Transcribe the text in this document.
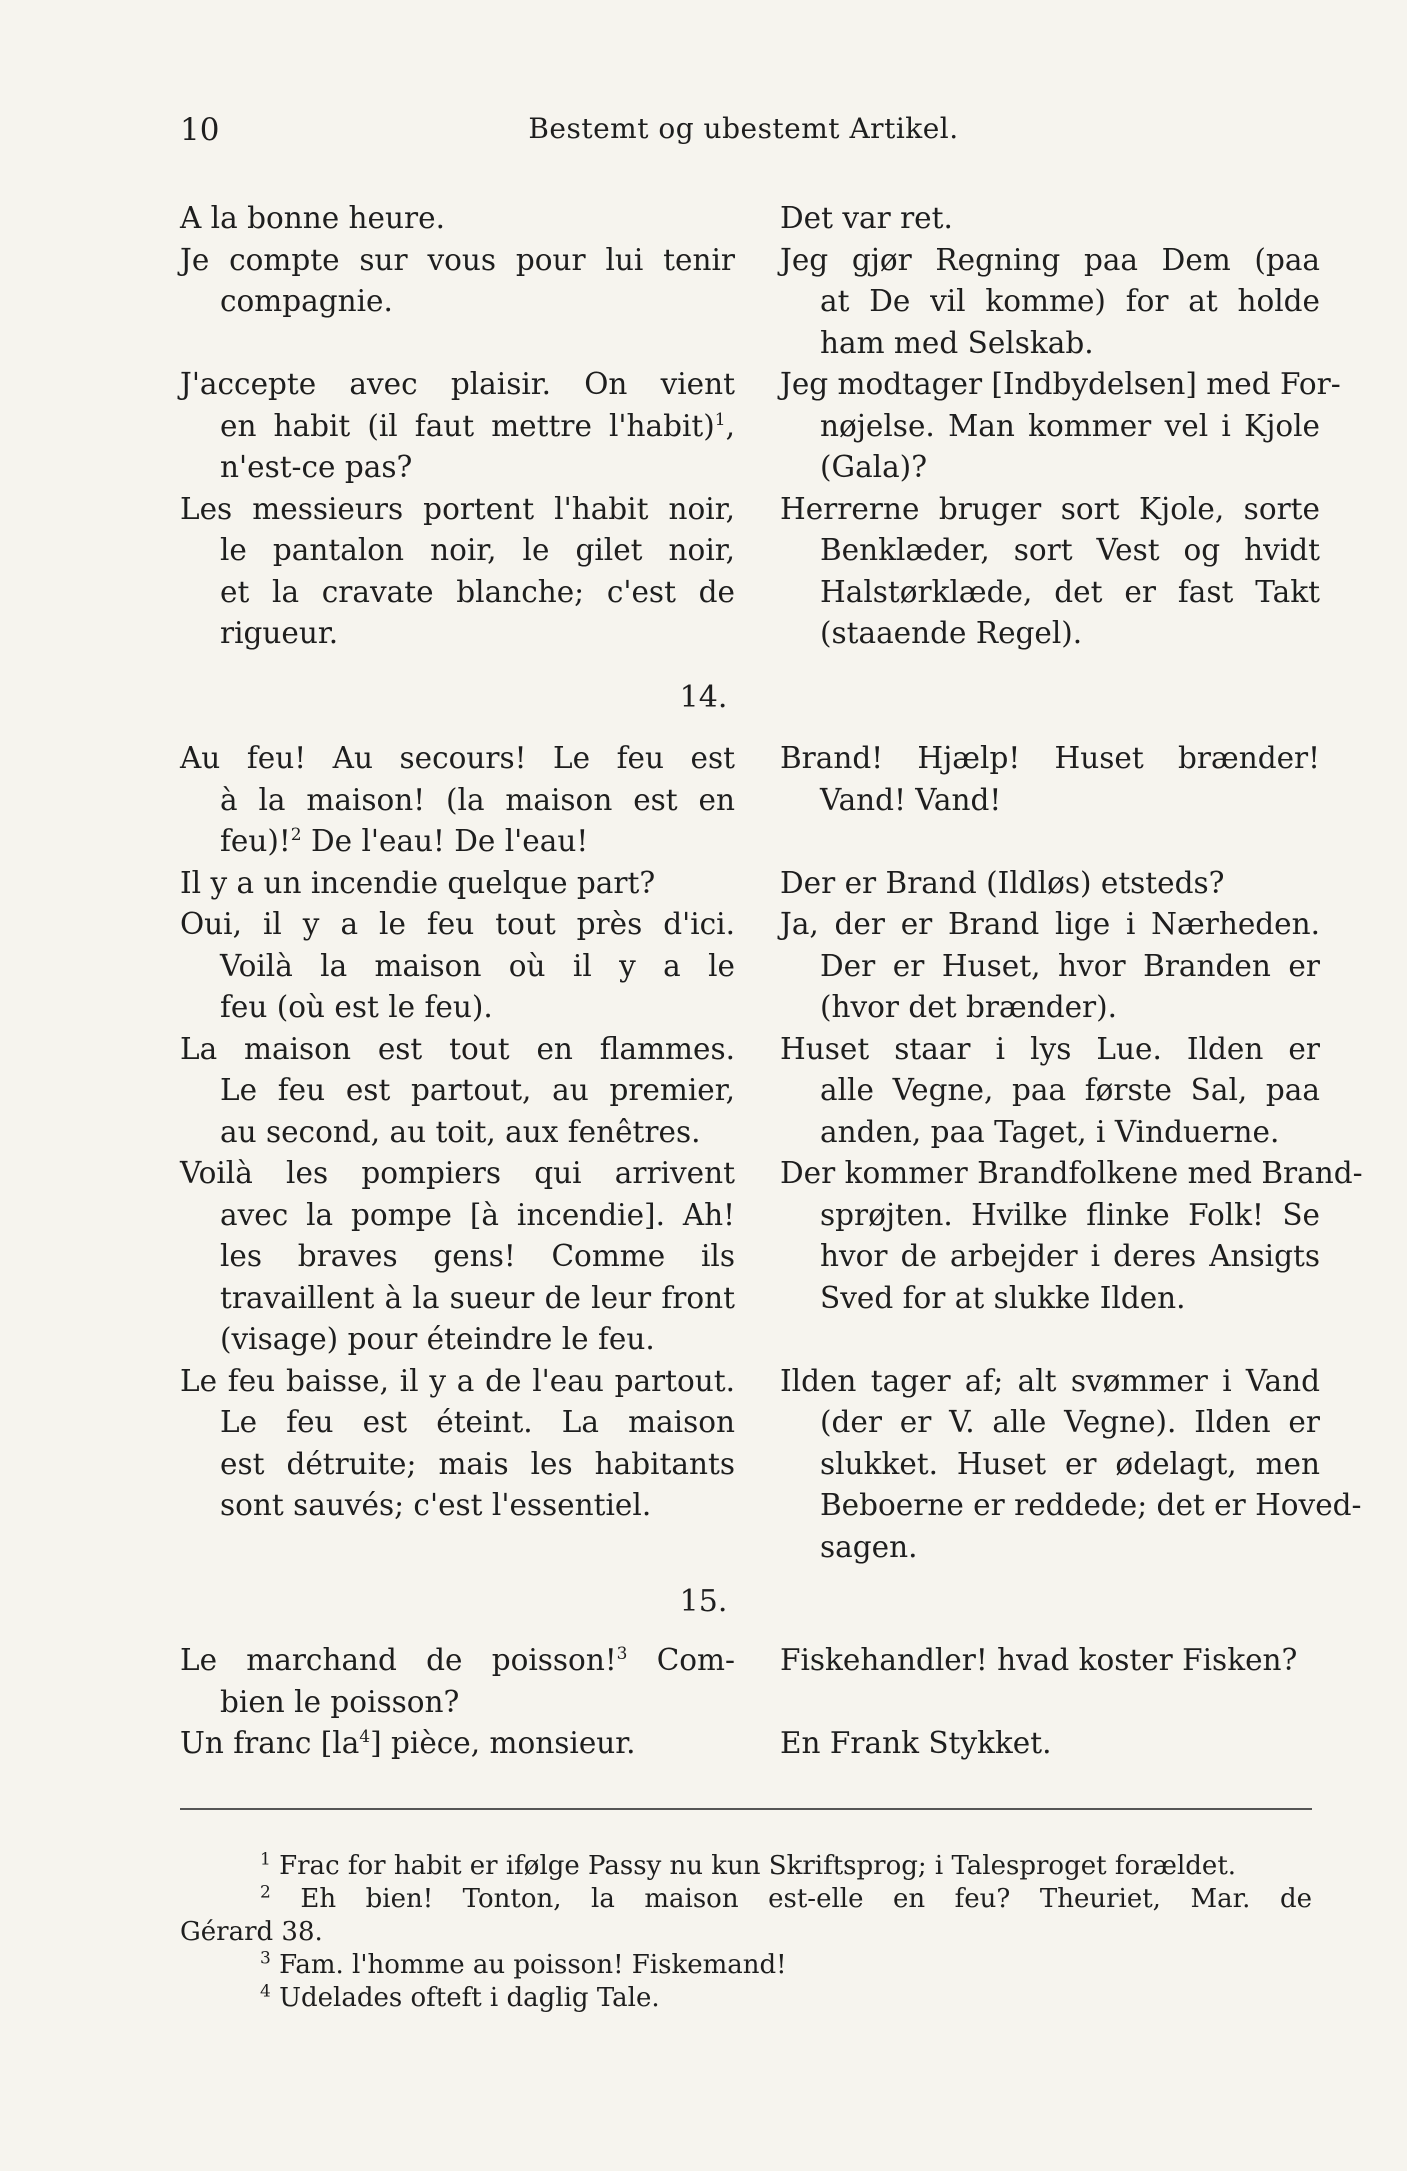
10	Bestemt og ubestemt Artikel.
A la bonne heure.
Je compte sur vous pour lui tenir
compagnie.
J'accepte avec plaisir. On vient
en habit (il faut mettre l'habit)$^1$,
n'est-ce pas?
Les messieurs portent l'habit noir,
le pantalon noir, le gilet noir,
et la cravate blanche; c'est de
rigueur.
Det var ret.
Jeg gjør Regning paa Dem (paa
at De vil komme) for at holde
ham med Selskab.
Jeg modtager [Indbydelsen] med For-
nøjelse. Man kommer vel i Kjole
(Gala)?
Herrerne bruger sort Kjole, sorte
Benklæder, sort Vest og hvidt
Halstørklæde, det er fast Takt
(staaende Regel).
14.
Au feu! Au secours! Le feu est
à la maison! (la maison est en
feu)!$^2$ De l'eau! De l'eau!
Il y a un incendie quelque part?
Oui, il y a le feu tout près d'ici.
Voilà la maison où il y a le
feu (où est le feu).
La maison est tout en flammes.
Le feu est partout, au premier,
au second, au toit, aux fenêtres.
Voilà les pompiers qui arrivent
avec la pompe [à incendie]. Ah!
les braves gens! Comme ils
travaillent à la sueur de leur front
(visage) pour éteindre le feu.
Le feu baisse, il y a de l'eau partout.
Le feu est éteint. La maison
est détruite; mais les habitants
sont sauvés; c'est l'essentiel.
Brand! Hjælp! Huset brænder!
Vand! Vand!
Der er Brand (Ildløs) etsteds?
Ja, der er Brand lige i Nærheden.
Der er Huset, hvor Branden er
(hvor det brænder).
Huset staar i lys Lue. Ilden er
alle Vegne, paa første Sal, paa
anden, paa Taget, i Vinduerne.
Der kommer Brandfolkene med Brand-
sprøjten. Hvilke flinke Folk! Se
hvor de arbejder i deres Ansigts
Sved for at slukke Ilden.
Ilden tager af; alt svømmer i Vand
(der er V. alle Vegne). Ilden er
slukket. Huset er ødelagt, men
Beboerne er reddede; det er Hoved-
sagen.
15.
Le marchand de poisson!$^3$ Com-
bien le poisson?
Un franc $[la^4]$ pièce, monsieur.
Fiskehandler! hvad koster Fisken?
En Frank Stykket.
$^1$ Frac for habit er ifølge Passy nu kun Skriftsprog; i Talesproget forældet.
$^2$ Eh bien! Tonton, la maison est-elle en feu? Theuriet, Mar. de
Gérard 38.
$^3$ Fam. l'homme au poisson! Fiskemand!
$^4$ Udelades ofteft i daglig Tale.
